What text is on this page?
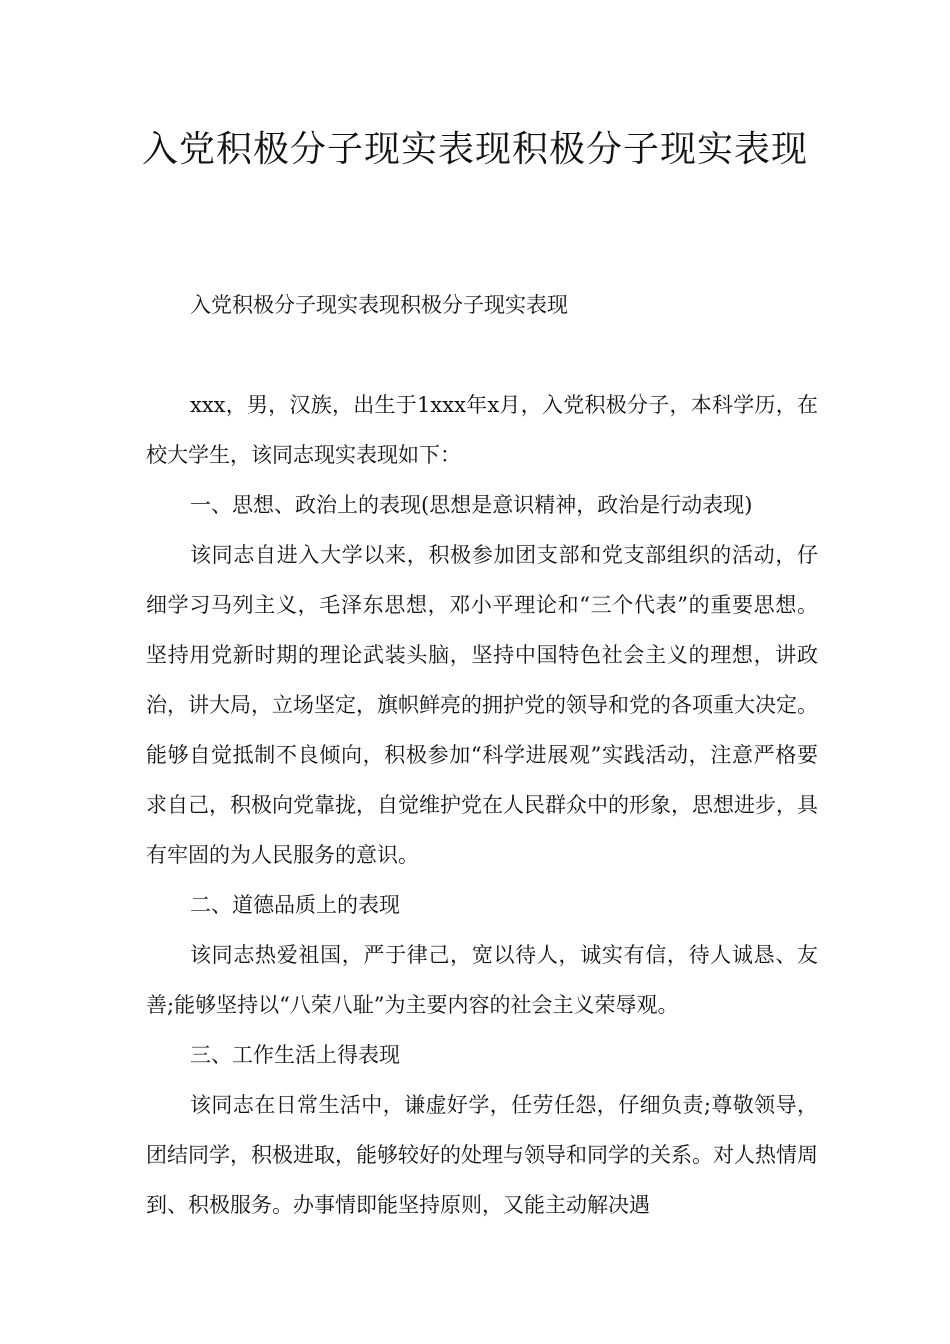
入党积极分子现实表现积极分子现实表现

入党积极分子现实表现积极分子现实表现

xxx，男，汉族，出生于1xxx年x月，入党积极分子，本科学历，在校大学生，该同志现实表现如下：

一、思想、政治上的表现(思想是意识精神，政治是行动表现)

该同志自进入大学以来，积极参加团支部和党支部组织的活动，仔细学习马列主义，毛泽东思想，邓小平理论和“三个代表”的重要思想。坚持用党新时期的理论武装头脑，坚持中国特色社会主义的理想，讲政治，讲大局，立场坚定，旗帜鲜亮的拥护党的领导和党的各项重大决定。能够自觉抵制不良倾向，积极参加“科学进展观”实践活动，注意严格要求自己，积极向党靠拢，自觉维护党在人民群众中的形象，思想进步，具有牢固的为人民服务的意识。

二、道德品质上的表现

该同志热爱祖国，严于律己，宽以待人，诚实有信，待人诚恳、友善;能够坚持以“八荣八耻”为主要内容的社会主义荣辱观。

三、工作生活上得表现

该同志在日常生活中，谦虚好学，任劳任怨，仔细负责;尊敬领导，团结同学，积极进取，能够较好的处理与领导和同学的关系。对人热情周到、积极服务。办事情即能坚持原则，又能主动解决遇
